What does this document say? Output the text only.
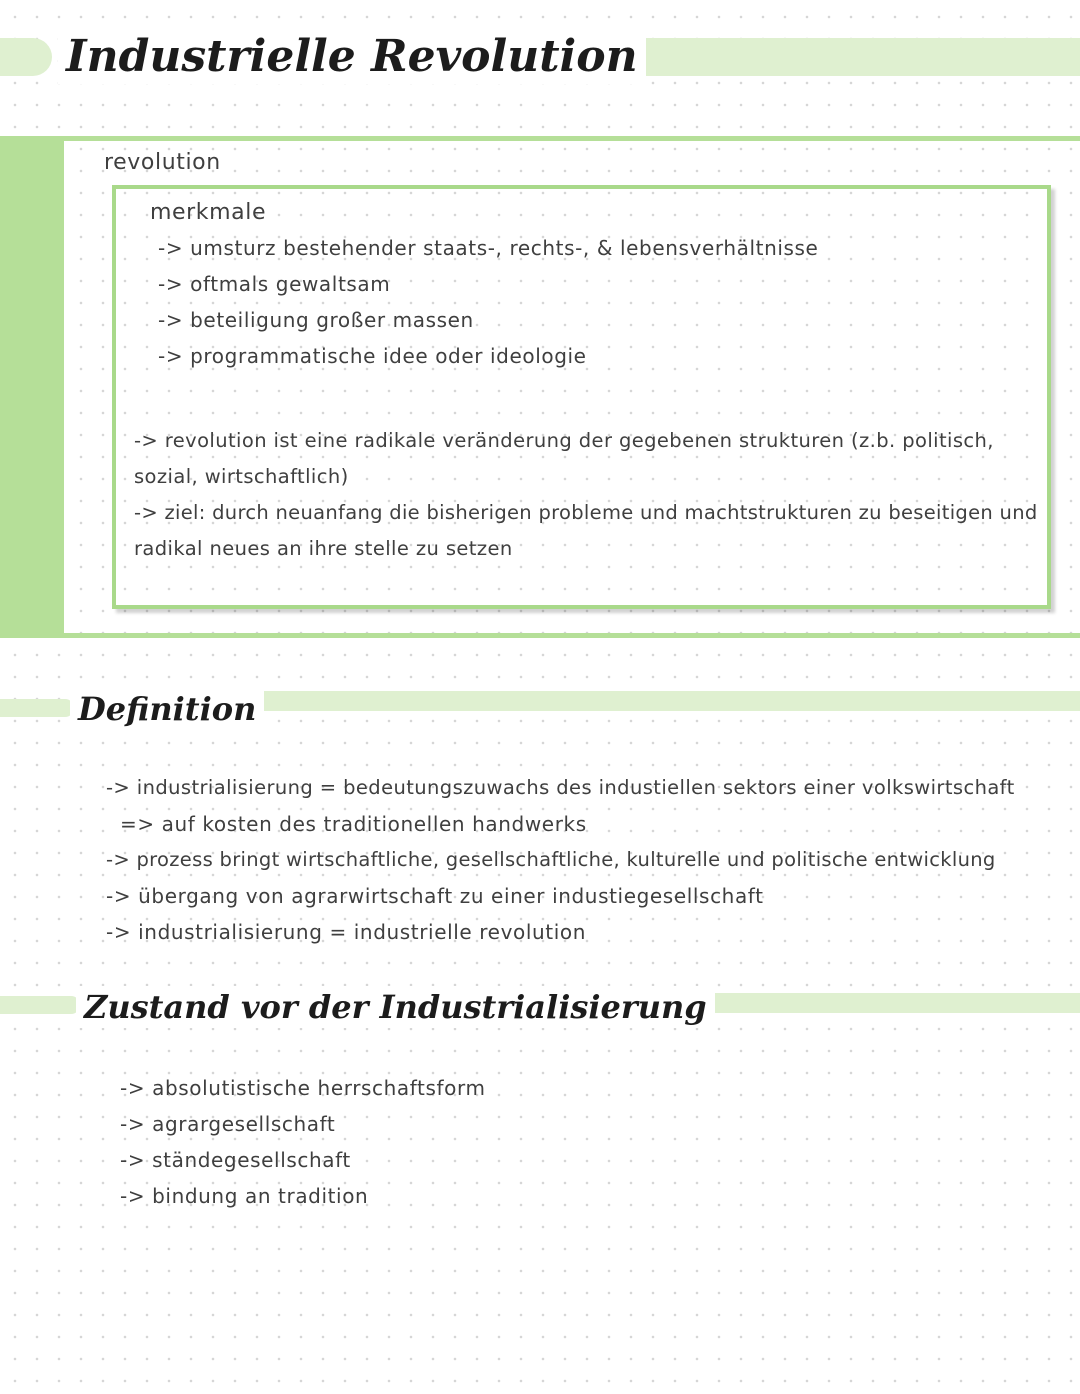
Industrielle Revolution
revolution
merkmale
-> umsturz bestehender staats-, rechts-, & lebensverhältnisse
-> oftmals gewaltsam
-> beteiligung großer massen
-> programmatische idee oder ideologie
-> revolution ist eine radikale veränderung der gegebenen strukturen (z.b. politisch,
sozial, wirtschaftlich)
-> ziel: durch neuanfang die bisherigen probleme und machtstrukturen zu beseitigen und
radikal neues an ihre stelle zu setzen
Definition
-> industrialisierung = bedeutungszuwachs des industiellen sektors einer volkswirtschaft
=> auf kosten des traditionellen handwerks
-> prozess bringt wirtschaftliche, gesellschaftliche, kulturelle und politische entwicklung
-> übergang von agrarwirtschaft zu einer industiegesellschaft
-> industrialisierung = industrielle revolution
Zustand vor der Industrialisierung
-> absolutistische herrschaftsform
-> agrargesellschaft
-> ständegesellschaft
-> bindung an tradition
